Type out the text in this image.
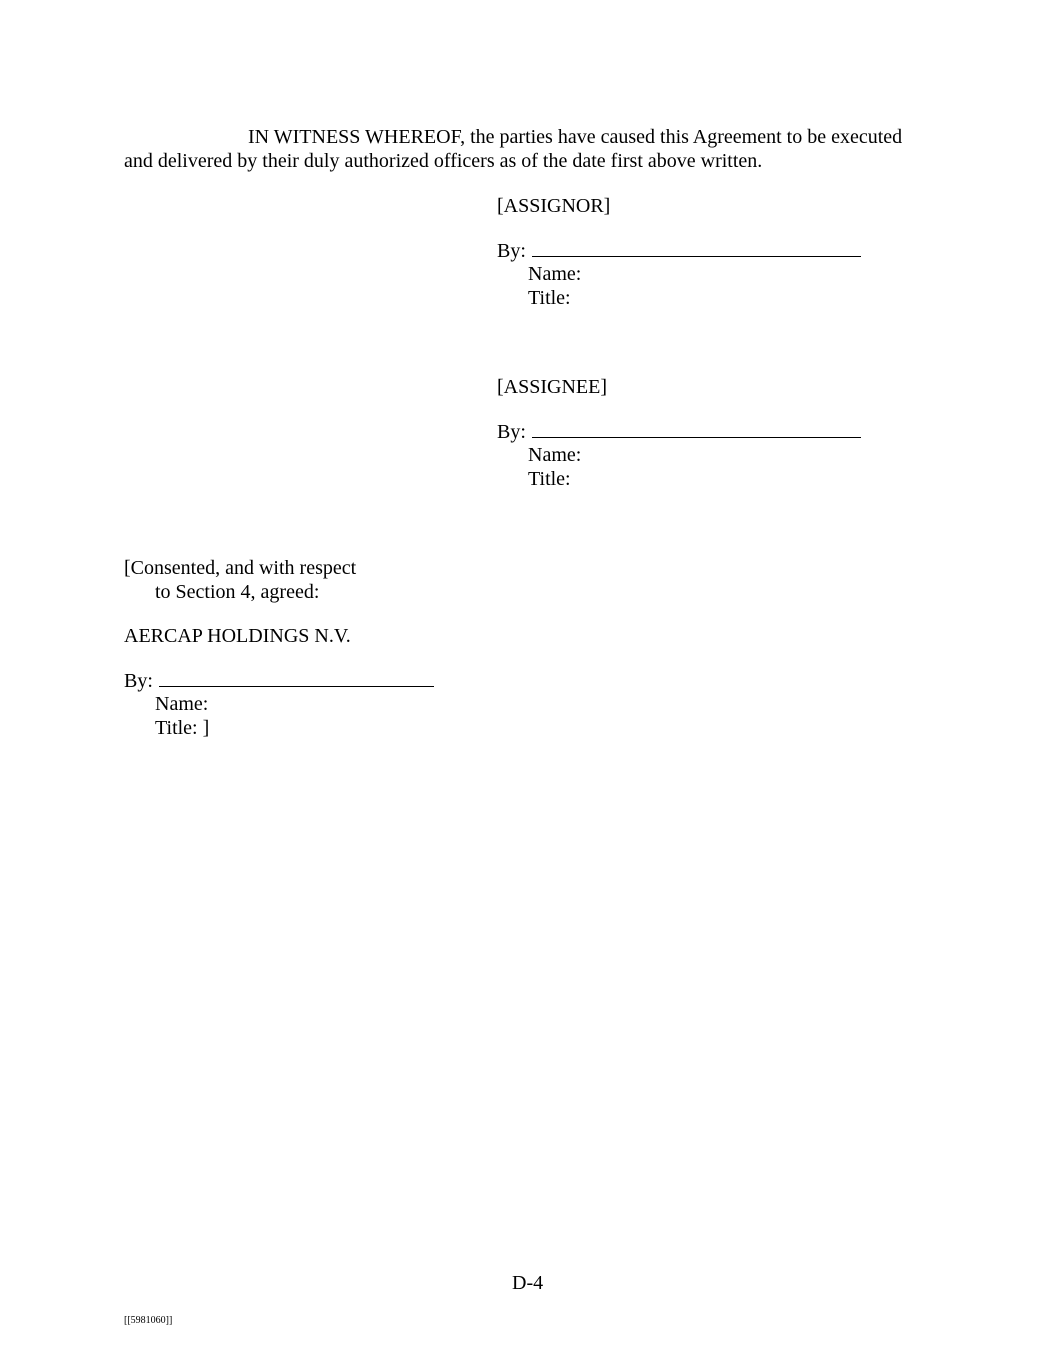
IN WITNESS WHEREOF, the parties have caused this Agreement to be executed
and delivered by their duly authorized officers as of the date first above written.
[ASSIGNOR]
By:
Name:
Title:
[ASSIGNEE]
By:
Name:
Title:
[Consented, and with respect
to Section 4, agreed:
AERCAP HOLDINGS N.V.
By:
Name:
Title: ]
D-4
[[5981060]]
